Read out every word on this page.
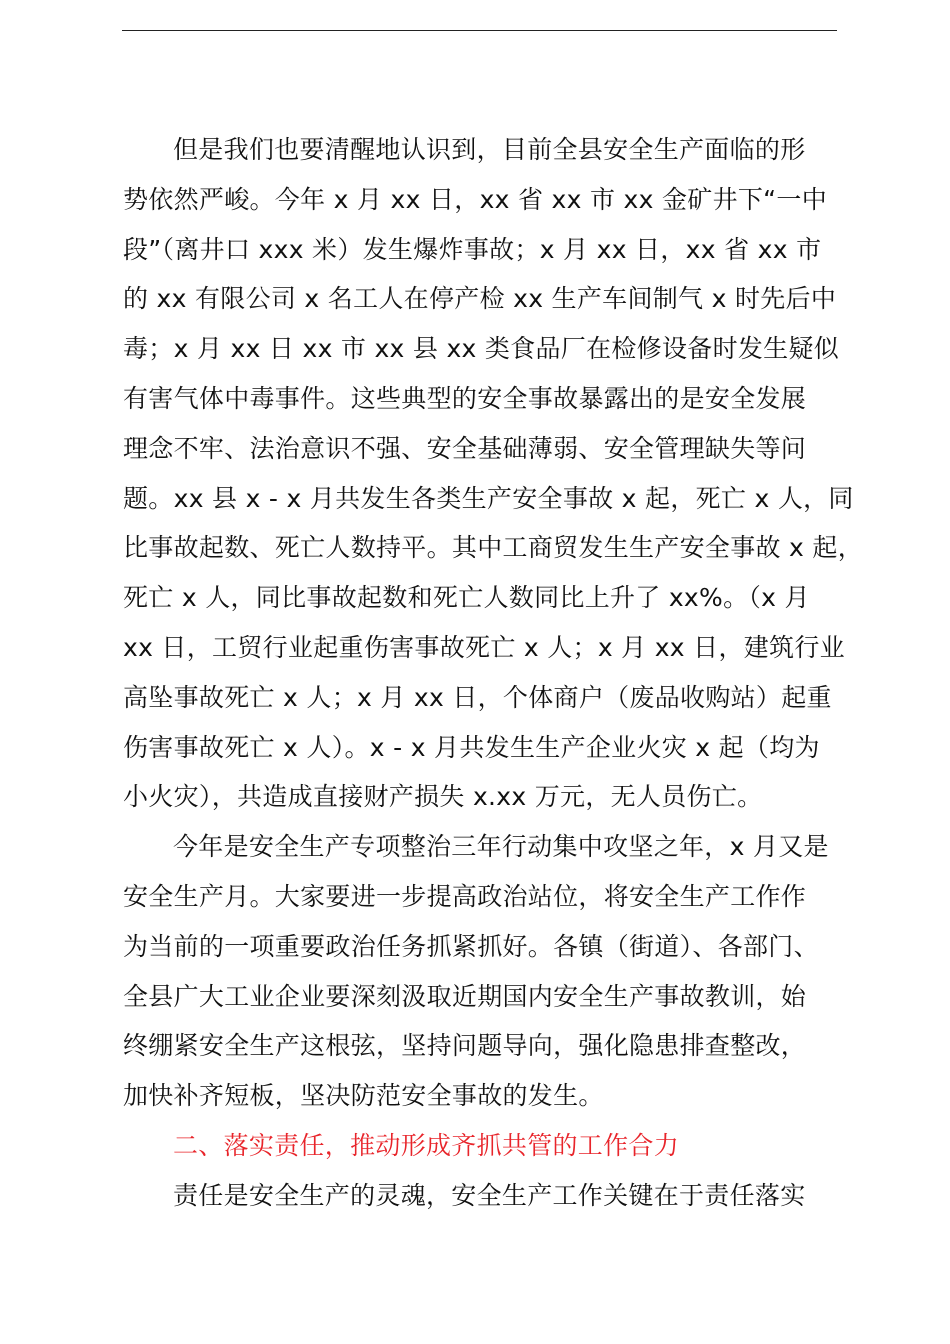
但是我们也要清醒地认识到，目前全县安全生产面临的形
势依然严峻。今年 x 月 xx 日，xx 省 xx 市 xx 金矿井下“一中
段”（离井口 xxx 米）发生爆炸事故；x 月 xx 日，xx 省 xx 市
的 xx 有限公司 x 名工人在停产检 xx 生产车间制气 x 时先后中
毒；x 月 xx 日 xx 市 xx 县 xx 类食品厂在检修设备时发生疑似
有害气体中毒事件。这些典型的安全事故暴露出的是安全发展
理念不牢、法治意识不强、安全基础薄弱、安全管理缺失等问
题。xx 县 x - x 月共发生各类生产安全事故 x 起，死亡 x 人，同
比事故起数、死亡人数持平。其中工商贸发生生产安全事故 x 起，
死亡 x 人，同比事故起数和死亡人数同比上升了 xx%。（x 月
xx 日，工贸行业起重伤害事故死亡 x 人；x 月 xx 日，建筑行业
高坠事故死亡 x 人；x 月 xx 日，个体商户（废品收购站）起重
伤害事故死亡 x 人）。x - x 月共发生生产企业火灾 x 起（均为
小火灾），共造成直接财产损失 x.xx 万元，无人员伤亡。
今年是安全生产专项整治三年行动集中攻坚之年，x 月又是
安全生产月。大家要进一步提高政治站位，将安全生产工作作
为当前的一项重要政治任务抓紧抓好。各镇（街道）、各部门、
全县广大工业企业要深刻汲取近期国内安全生产事故教训，始
终绷紧安全生产这根弦，坚持问题导向，强化隐患排查整改，
加快补齐短板，坚决防范安全事故的发生。
二、落实责任，推动形成齐抓共管的工作合力
责任是安全生产的灵魂，安全生产工作关键在于责任落实
